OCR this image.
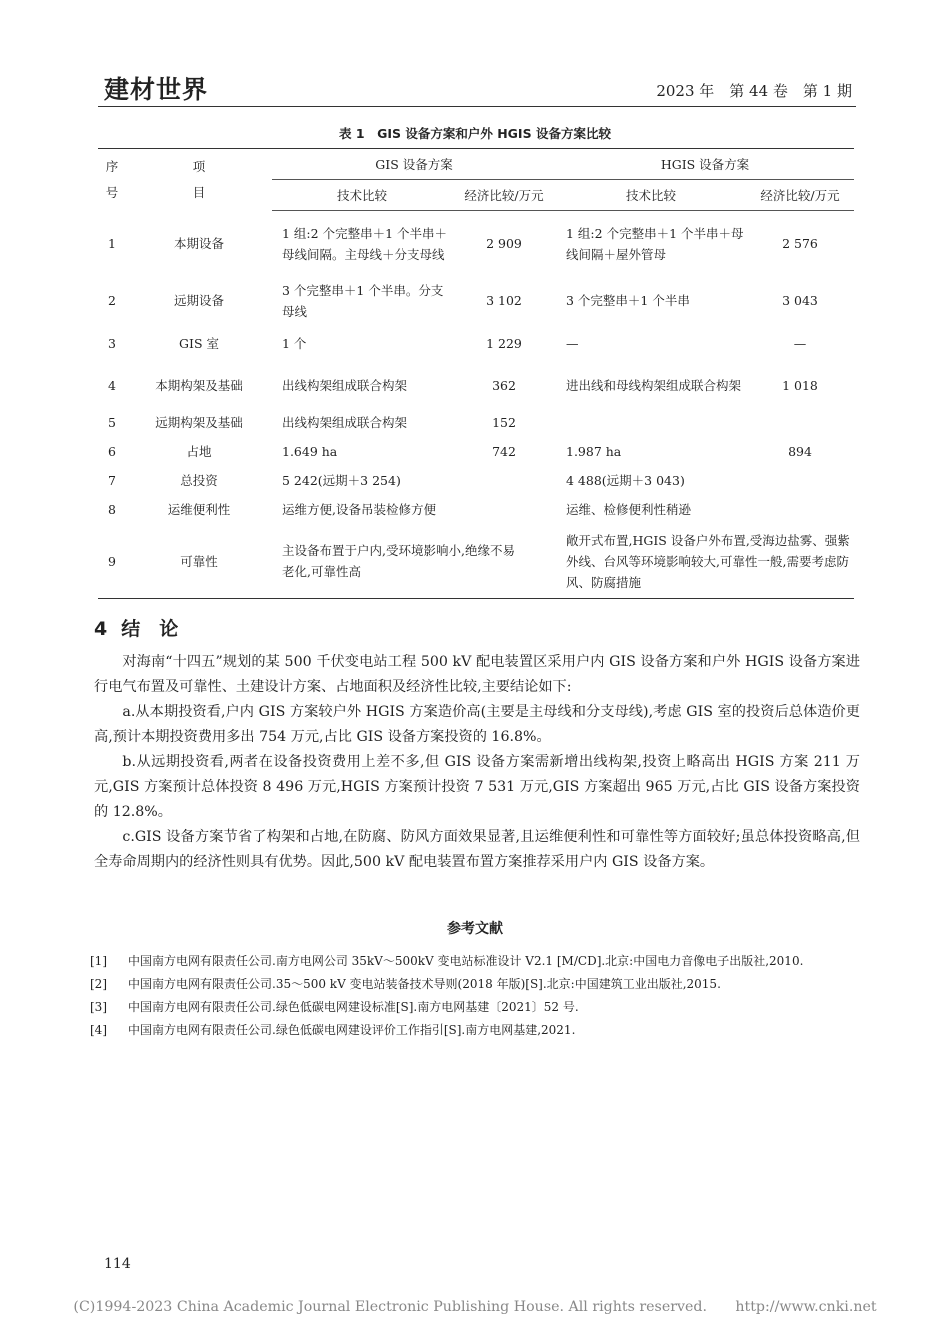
建材世界	2023 年　第 44 卷　第 1 期
表 1　GIS 设备方案和户外 HGIS 设备方案比较
序号	项目	GIS 设备方案		HGIS 设备方案	
		技术比较	经济比较/万元	技术比较	经济比较/万元
1	本期设备	1 组:2 个完整串＋1 个半串＋母线间隔。主母线＋分支母线	2 909	1 组:2 个完整串＋1 个半串＋母线间隔＋屋外管母	2 576
2	远期设备	3 个完整串＋1 个半串。分支母线	3 102	3 个完整串＋1 个半串	3 043
3	GIS 室	1 个	1 229	—	—
4	本期构架及基础	出线构架组成联合构架	362	进出线和母线构架组成联合构架	1 018
5	远期构架及基础	出线构架组成联合构架	152		
6	占地	1.649 ha	742	1.987 ha	894
7	总投资	5 242(远期＋3 254)		4 488(远期＋3 043)	
8	运维便利性	运维方便,设备吊装检修方便		运维、检修便利性稍逊	
9	可靠性	主设备布置于户内,受环境影响小,绝缘不易老化,可靠性高		敞开式布置,HGIS 设备户外布置,受海边盐雾、强紫外线、台风等环境影响较大,可靠性一般,需要考虑防风、防腐措施	
4 结　论

对海南“十四五”规划的某 500 千伏变电站工程 500 kV 配电装置区采用户内 GIS 设备方案和户外 HGIS 设备方案进行电气布置及可靠性、土建设计方案、占地面积及经济性比较,主要结论如下:

a.从本期投资看,户内 GIS 方案较户外 HGIS 方案造价高(主要是主母线和分支母线),考虑 GIS 室的投资后总体造价更高,预计本期投资费用多出 754 万元,占比 GIS 设备方案投资的 16.8%。

b.从远期投资看,两者在设备投资费用上差不多,但 GIS 设备方案需新增出线构架,投资上略高出 HGIS 方案 211 万元,GIS 方案预计总体投资 8 496 万元,HGIS 方案预计投资 7 531 万元,GIS 方案超出 965 万元,占比 GIS 设备方案投资的 12.8%。

c.GIS 设备方案节省了构架和占地,在防腐、防风方面效果显著,且运维便利性和可靠性等方面较好;虽总体投资略高,但全寿命周期内的经济性则具有优势。因此,500 kV 配电装置布置方案推荐采用户内 GIS 设备方案。

参考文献
[1]	中国南方电网有限责任公司.南方电网公司 35kV～500kV 变电站标准设计 V2.1 [M/CD].北京:中国电力音像电子出版社,2010.
[2]	中国南方电网有限责任公司.35～500 kV 变电站装备技术导则(2018 年版)[S].北京:中国建筑工业出版社,2015.
[3]	中国南方电网有限责任公司.绿色低碳电网建设标准[S].南方电网基建〔2021〕52 号.
[4]	中国南方电网有限责任公司.绿色低碳电网建设评价工作指引[S].南方电网基建,2021.
114
(C)1994-2023 China Academic Journal Electronic Publishing House. All rights reserved.　　http://www.cnki.net
